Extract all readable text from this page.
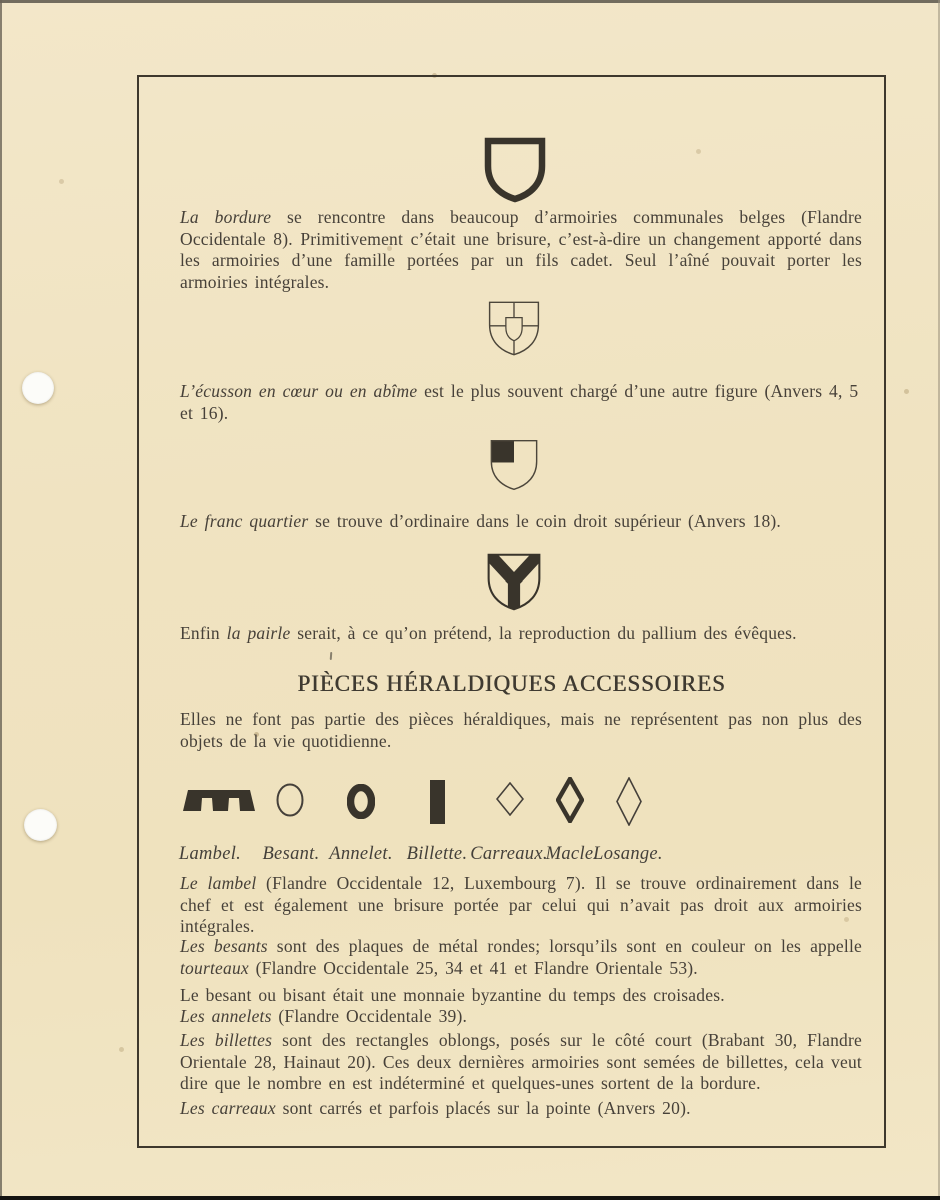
La bordure se rencontre dans beaucoup d’armoiries communales belges (Flandre Occidentale 8). Primitivement c’était une brisure, c’est-à-dire un changement apporté dans les armoiries d’une famille portées par un fils cadet. Seul l’aîné pouvait porter les armoiries intégrales.

L’écusson en cœur ou en abîme est le plus souvent chargé d’une autre figure (Anvers 4, 5 et 16).

Le franc quartier se trouve d’ordinaire dans le coin droit supérieur (Anvers 18).

Enfin la pairle serait, à ce qu’on prétend, la reproduction du pallium des évêques.

PIÈCES HÉRALDIQUES ACCESSOIRES

Elles ne font pas partie des pièces héraldiques, mais ne représentent pas non plus des objets de la vie quotidienne.

Lambel. Besant. Annelet. Billette. Carreaux.
Macle.
Losange.

Le lambel (Flandre Occidentale 12, Luxembourg 7). Il se trouve ordinairement dans le chef et est également une brisure portée par celui qui n’avait pas droit aux armoiries intégrales.

Les besants sont des plaques de métal rondes; lorsqu’ils sont en couleur on les appelle tourteaux (Flandre Occidentale 25, 34 et 41 et Flandre Orientale 53).

Le besant ou bisant était une monnaie byzantine du temps des croisades.

Les annelets (Flandre Occidentale 39).

Les billettes sont des rectangles oblongs, posés sur le côté court (Brabant 30, Flandre Orientale 28, Hainaut 20). Ces deux dernières armoiries sont semées de billettes, cela veut dire que le nombre en est indéterminé et quelques-unes sortent de la bordure.

Les carreaux sont carrés et parfois placés sur la pointe (Anvers 20).
